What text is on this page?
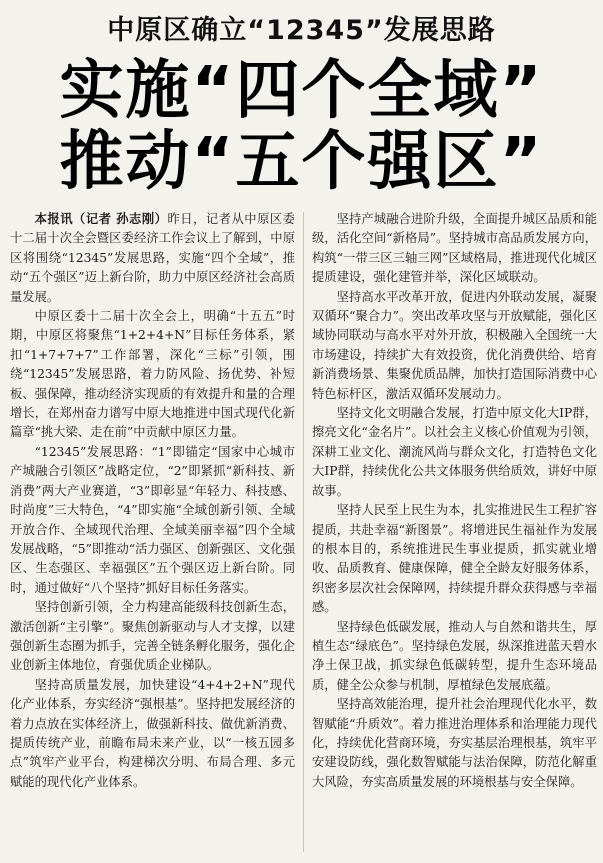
中原区确立“12345”发展思路
实施“四个全域”
推动“五个强区”

本报讯（记者 孙志刚）昨日，记者从中原区委十二届十次全会暨区委经济工作会议上了解到，中原区将围绕“12345”发展思路，实施“四个全域”，推动“五个强区”迈上新台阶，助力中原区经济社会高质量发展。

中原区委十二届十次全会上，明确“十五五”时期，中原区将聚焦“1+2+4+N”目标任务体系，紧扣“1+7+7+7”工作部署，深化“三标”引领，围绕“12345”发展思路，着力防风险、扬优势、补短板、强保障，推动经济实现质的有效提升和量的合理增长，在郑州奋力谱写中原大地推进中国式现代化新篇章“挑大梁、走在前”中贡献中原区力量。

“12345”发展思路：“1”即锚定“国家中心城市产城融合引领区”战略定位，“2”即紧抓“新科技、新消费”两大产业赛道，“3”即彰显“年轻力、科技感、时尚度”三大特色，“4”即实施“全域创新引领、全域开放合作、全域现代治理、全域美丽幸福”四个全域发展战略，“5”即推动“活力强区、创新强区、文化强区、生态强区、幸福强区”五个强区迈上新台阶。同时，通过做好“八个坚持”抓好目标任务落实。

坚持创新引领，全力构建高能级科技创新生态，激活创新“主引擎”。聚焦创新驱动与人才支撑，以建强创新生态圈为抓手，完善全链条孵化服务，强化企业创新主体地位，育强优质企业梯队。

坚持高质量发展，加快建设“4+4+2+N”现代化产业体系，夯实经济“强根基”。坚持把发展经济的着力点放在实体经济上，做强新科技、做优新消费、提质传统产业，前瞻布局未来产业，以“一核五园多点”筑牢产业平台，构建梯次分明、布局合理、多元赋能的现代化产业体系。

坚持产城融合进阶升级，全面提升城区品质和能级，活化空间“新格局”。坚持城市高品质发展方向，构筑“一带三区三轴三网”区域格局，推进现代化城区提质建设，强化建管并举，深化区域联动。

坚持高水平改革开放，促进内外联动发展，凝聚双循环“聚合力”。突出改革攻坚与开放赋能，强化区域协同联动与高水平对外开放，积极融入全国统一大市场建设，持续扩大有效投资，优化消费供给、培育新消费场景、集聚优质品牌，加快打造国际消费中心特色标杆区，激活双循环发展动力。

坚持文化文明融合发展，打造中原文化大IP群，擦亮文化“金名片”。以社会主义核心价值观为引领，深耕工业文化、潮流风尚与群众文化，打造特色文化大IP群，持续优化公共文体服务供给质效，讲好中原故事。

坚持人民至上民生为本，扎实推进民生工程扩容提质，共赴幸福“新图景”。将增进民生福祉作为发展的根本目的，系统推进民生事业提质，抓实就业增收、品质教育、健康保障，健全全龄友好服务体系，织密多层次社会保障网，持续提升群众获得感与幸福感。

坚持绿色低碳发展，推动人与自然和谐共生，厚植生态“绿底色”。坚持绿色发展，纵深推进蓝天碧水净土保卫战，抓实绿色低碳转型，提升生态环境品质，健全公众参与机制，厚植绿色发展底蕴。

坚持高效能治理，提升社会治理现代化水平，数智赋能“升质效”。着力推进治理体系和治理能力现代化，持续优化营商环境，夯实基层治理根基，筑牢平安建设防线，强化数智赋能与法治保障，防范化解重大风险，夯实高质量发展的环境根基与安全保障。
